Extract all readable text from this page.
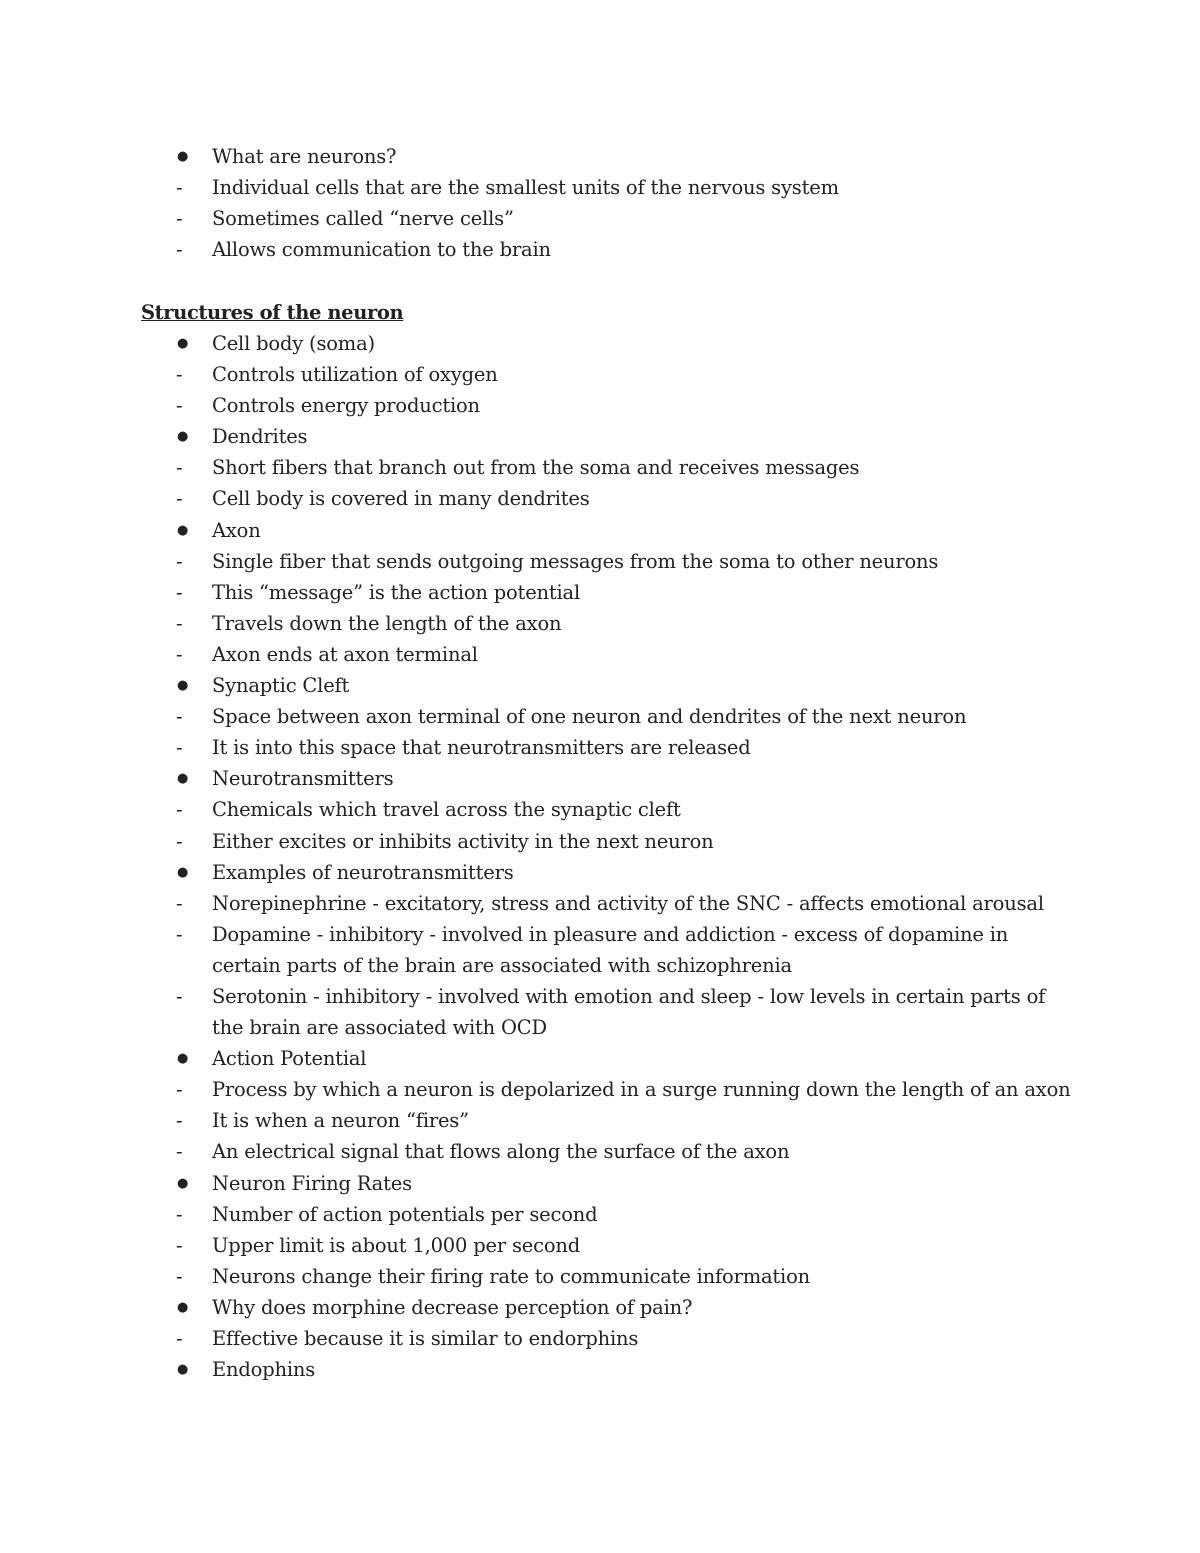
●	What are neurons?
-	Individual cells that are the smallest units of the nervous system
-	Sometimes called “nerve cells”
-	Allows communication to the brain
Structures of the neuron
●	Cell body (soma)
-	Controls utilization of oxygen
-	Controls energy production
●	Dendrites
-	Short fibers that branch out from the soma and receives messages
-	Cell body is covered in many dendrites
●	Axon
-	Single fiber that sends outgoing messages from the soma to other neurons
-	This “message” is the action potential
-	Travels down the length of the axon
-	Axon ends at axon terminal
●	Synaptic Cleft
-	Space between axon terminal of one neuron and dendrites of the next neuron
-	It is into this space that neurotransmitters are released
●	Neurotransmitters
-	Chemicals which travel across the synaptic cleft
-	Either excites or inhibits activity in the next neuron
●	Examples of neurotransmitters
-	Norepinephrine - excitatory, stress and activity of the SNC - affects emotional arousal
-	Dopamine - inhibitory - involved in pleasure and addiction - excess of dopamine in
certain parts of the brain are associated with schizophrenia
-	Serotonin - inhibitory - involved with emotion and sleep - low levels in certain parts of
the brain are associated with OCD
●	Action Potential
-	Process by which a neuron is depolarized in a surge running down the length of an axon
-	It is when a neuron “fires”
-	An electrical signal that flows along the surface of the axon
●	Neuron Firing Rates
-	Number of action potentials per second
-	Upper limit is about 1,000 per second
-	Neurons change their firing rate to communicate information
●	Why does morphine decrease perception of pain?
-	Effective because it is similar to endorphins
●	Endophins
